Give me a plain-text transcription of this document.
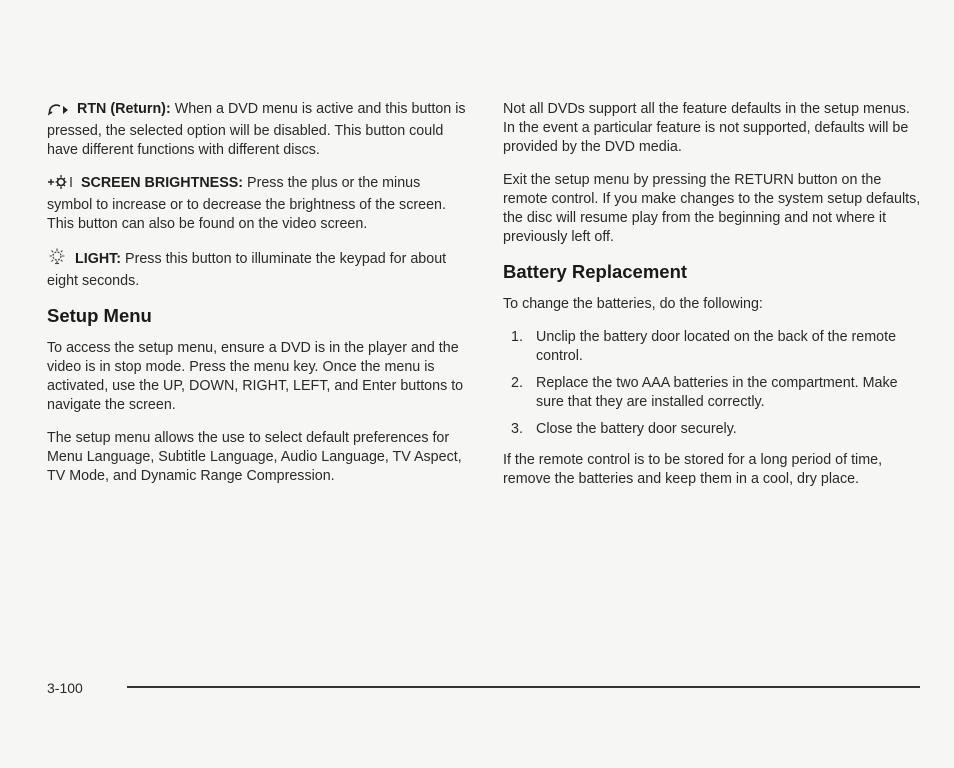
RTN (Return): When a DVD menu is active and this button is pressed, the selected option will be disabled. This button could have different functions with different discs.

SCREEN BRIGHTNESS: Press the plus or the minus symbol to increase or to decrease the brightness of the screen. This button can also be found on the video screen.

LIGHT: Press this button to illuminate the keypad for about eight seconds.

Setup Menu

To access the setup menu, ensure a DVD is in the player and the video is in stop mode. Press the menu key. Once the menu is activated, use the UP, DOWN, RIGHT, LEFT, and Enter buttons to navigate the screen.

The setup menu allows the use to select default preferences for Menu Language, Subtitle Language, Audio Language, TV Aspect, TV Mode, and Dynamic Range Compression.

Not all DVDs support all the feature defaults in the setup menus. In the event a particular feature is not supported, defaults will be provided by the DVD media.

Exit the setup menu by pressing the RETURN button on the remote control. If you make changes to the system setup defaults, the disc will resume play from the beginning and not where it previously left off.

Battery Replacement

To change the batteries, do the following:

1. Unclip the battery door located on the back of the remote control.
2. Replace the two AAA batteries in the compartment. Make sure that they are installed correctly.
3. Close the battery door securely.

If the remote control is to be stored for a long period of time, remove the batteries and keep them in a cool, dry place.

3-100
